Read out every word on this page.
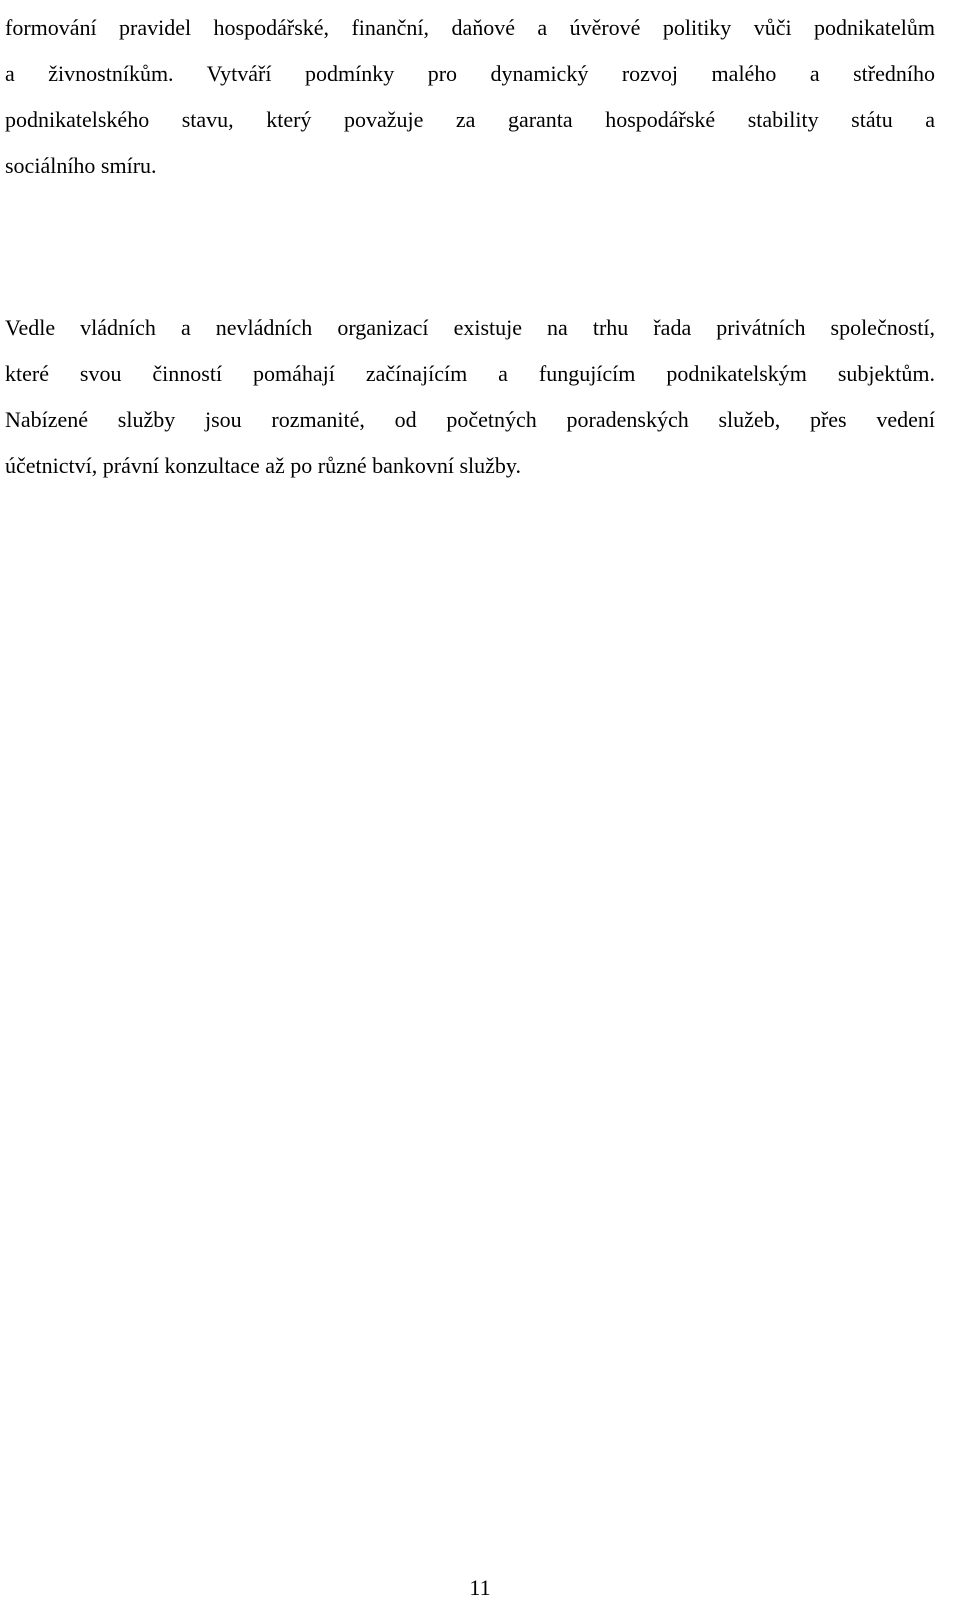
formování pravidel hospodářské, finanční, daňové a úvěrové politiky vůči podnikatelům
a živnostníkům. Vytváří podmínky pro dynamický rozvoj malého a středního
podnikatelského stavu, který považuje za garanta hospodářské stability státu a
sociálního smíru.
Vedle vládních a nevládních organizací existuje na trhu řada privátních společností,
které svou činností pomáhají začínajícím a fungujícím podnikatelským subjektům.
Nabízené služby jsou rozmanité, od početných poradenských služeb, přes vedení
účetnictví, právní konzultace až po různé bankovní služby.
11
